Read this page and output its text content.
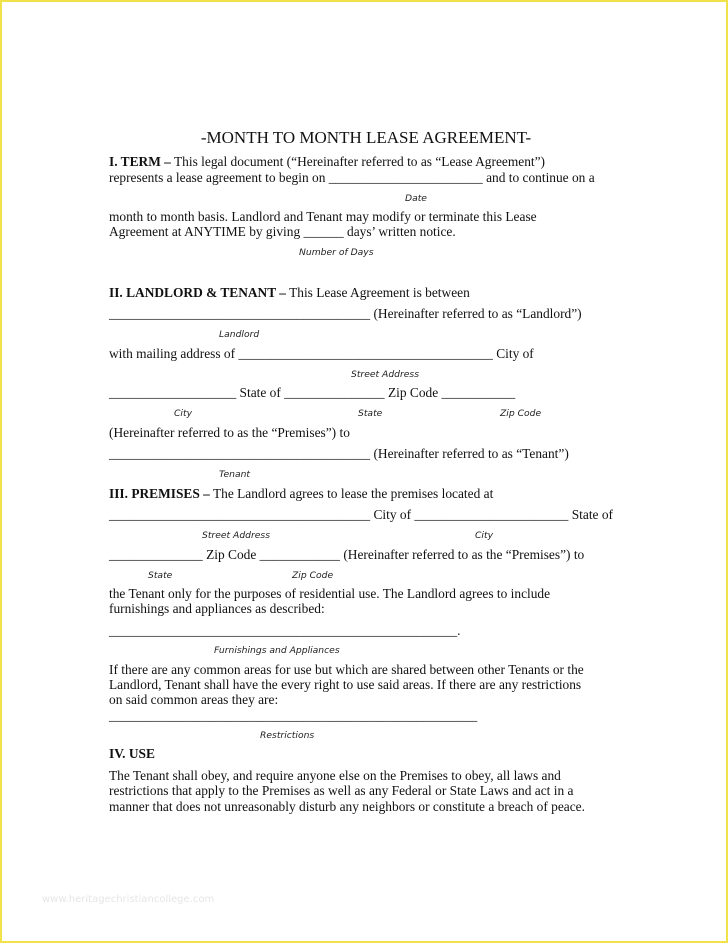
-MONTH TO MONTH LEASE AGREEMENT-
I. TERM – This legal document (“Hereinafter referred to as “Lease Agreement”)
represents a lease agreement to begin on _______________________ and to continue on a
Date
month to month basis. Landlord and Tenant may modify or terminate this Lease
Agreement at ANYTIME by giving ______ days’ written notice.
Number of Days
II. LANDLORD & TENANT – This Lease Agreement is between
_______________________________________ (Hereinafter referred to as “Landlord”)
Landlord
with mailing address of ______________________________________ City of
Street Address
___________________ State of _______________ Zip Code ___________
City	State	Zip Code
(Hereinafter referred to as the “Premises”) to
_______________________________________ (Hereinafter referred to as “Tenant”)
Tenant
III. PREMISES – The Landlord agrees to lease the premises located at
_______________________________________ City of _______________________ State of
Street Address	City
______________ Zip Code ____________ (Hereinafter referred to as the “Premises”) to
State	Zip Code
the Tenant only for the purposes of residential use. The Landlord agrees to include
furnishings and appliances as described:
____________________________________________________.
Furnishings and Appliances
If there are any common areas for use but which are shared between other Tenants or the
Landlord, Tenant shall have the every right to use said areas. If there are any restrictions
on said common areas they are:
_______________________________________________________
Restrictions
IV. USE
The Tenant shall obey, and require anyone else on the Premises to obey, all laws and
restrictions that apply to the Premises as well as any Federal or State Laws and act in a
manner that does not unreasonably disturb any neighbors or constitute a breach of peace.
www.heritagechristiancollege.com
